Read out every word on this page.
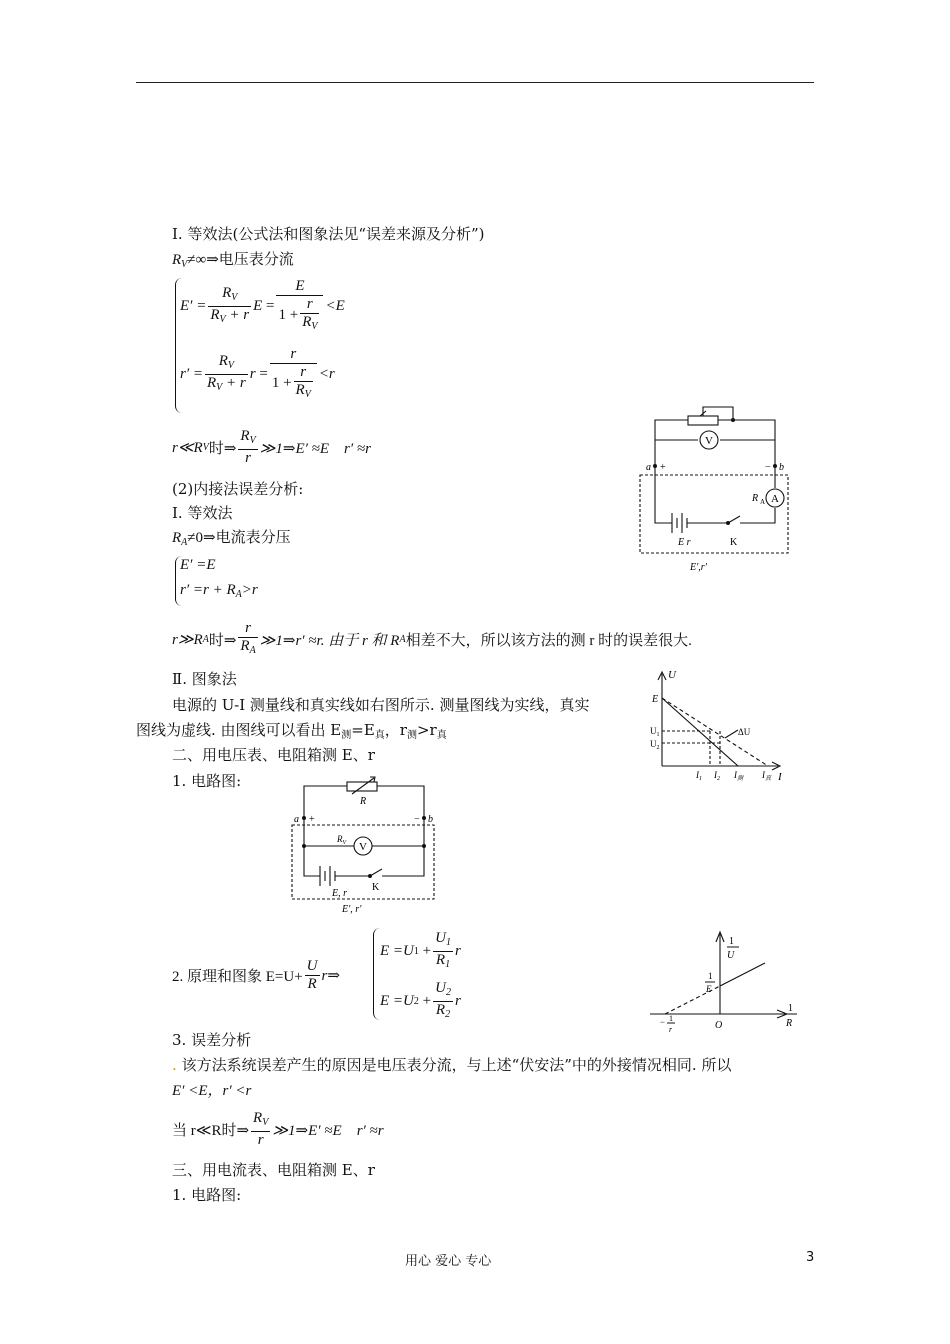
Ⅰ. 等效法(公式法和图象法见“误差来源及分析”)
$R_V\ne\infty\Rightarrow$电压表分流
$E' = \frac{R_V}{R_V + r}$ $E = \frac{E}{1 + \frac{r}{R_V}} <E$
$r' = \frac{R_V}{R_V + r}$ $r = \frac{r}{1 + \frac{r}{R_V}} <r$
r≪R V 时⇒ $\frac{R_V}{r}$ ≫1⇒E′ ≈E　r′ ≈r
(2)内接法误差分析:
Ⅰ. 等效法
$R_A\ne 0\Rightarrow$电流表分压
E′ =E
$r' =r + R_A>r$
r≫R A 时⇒ $\frac{r}{R_A}$ ≫1⇒r′ ≈r. 由于 r 和 R A 相差不大，所以该方法的测 r 时的误差很大.
Ⅱ. 图象法
电源的 U-I 测量线和真实线如右图所示. 测量图线为实线，真实
图线为虚线. 由图线可以看出 $E_测=E_真$，$r_测>r_真$
二、用电压表、电阻箱测 E、r
1. 电路图:
2. 原理和图象 $E=U+ \frac{U}{R}$ r⇒
E =U $1 + \frac{U_1}{R_1}$ r
E =U $2 + \frac{U_2}{R_2}$ r
3. 误差分析
. 该方法系统误差产生的原因是电压表分流，与上述“伏安法”中的外接情况相同. 所以
E′ <E，r′ <r
当 r≪R 时⇒ $\frac{R_V}{r}$ ≫1⇒E′ ≈E　r′ ≈r
三、用电流表、电阻箱测 E、r
1. 电路图:
V
A
R A
a +	− b
E r	K
E′,r′
U
I
E
$U_1$
$U_2$
ΔU
$I_1$ $I_2$ $I_测$ $I_真$
R
$R_V$ V
a +	− b
E, r
K
E′, r′
1
U
1
R
1
E
− 1
r	O
用心 爱心 专心	3
